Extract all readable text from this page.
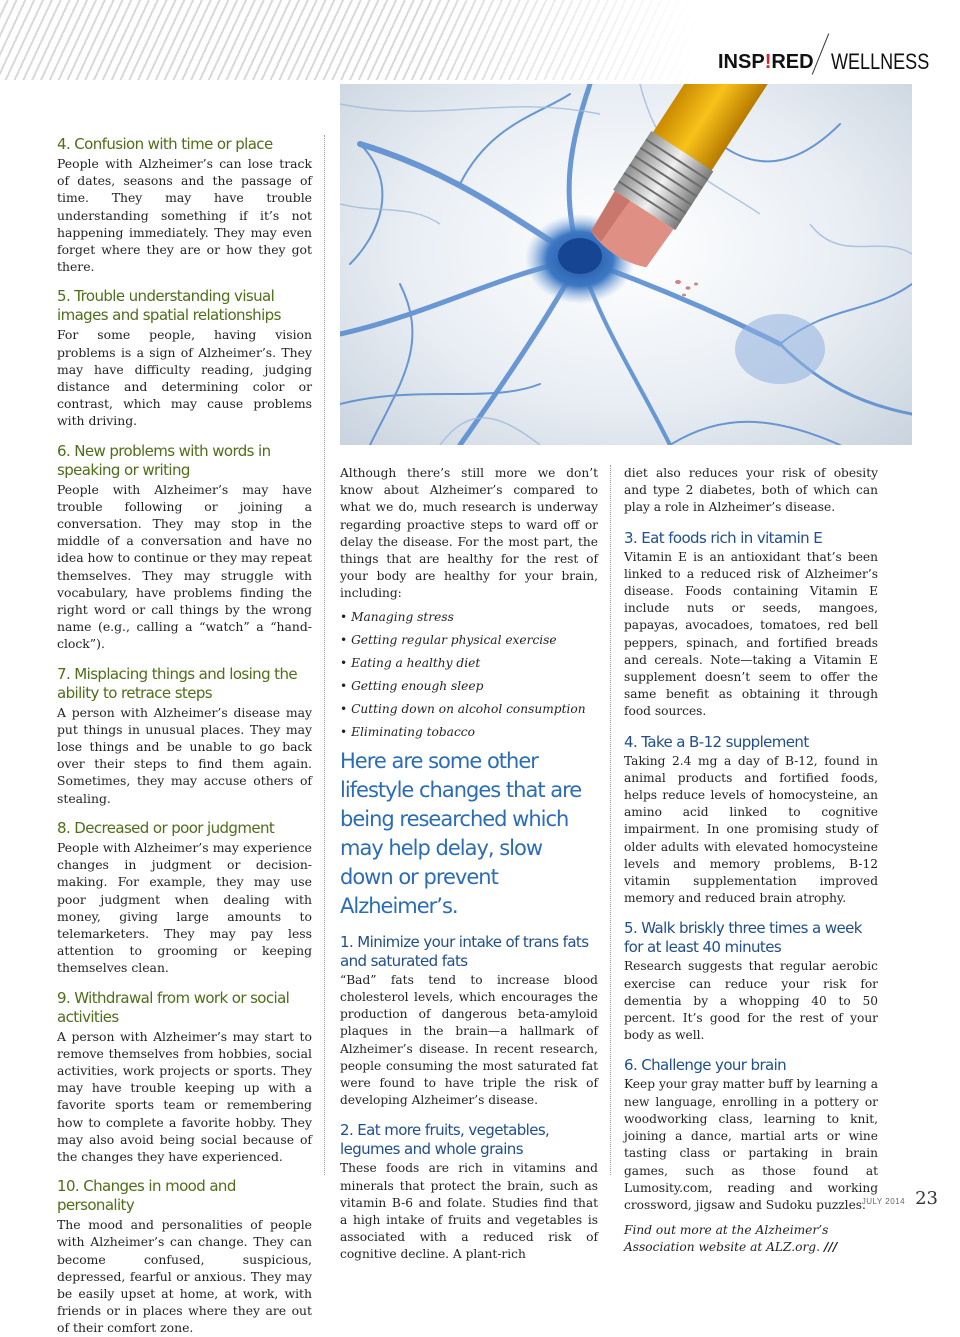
INSP!RED WELLNESS
4. Confusion with time or place

People with Alzheimer’s can lose track of dates, seasons and the passage of time. They may have trouble understanding something if it’s not happening immediately. They may even forget where they are or how they got there.

5. Trouble understanding visual images and spatial relationships

For some people, having vision problems is a sign of Alzheimer’s. They may have difficulty reading, judging distance and determining color or contrast, which may cause problems with driving.

6. New problems with words in speaking or writing

People with Alzheimer’s may have trouble following or joining a conversation. They may stop in the middle of a conversation and have no idea how to continue or they may repeat themselves. They may struggle with vocabulary, have problems finding the right word or call things by the wrong name (e.g., calling a “watch” a “hand-clock”).

7. Misplacing things and losing the ability to retrace steps

A person with Alzheimer’s disease may put things in unusual places. They may lose things and be unable to go back over their steps to find them again. Sometimes, they may accuse others of stealing.

8. Decreased or poor judgment

People with Alzheimer’s may experience changes in judgment or decision-making. For example, they may use poor judgment when dealing with money, giving large amounts to telemarketers. They may pay less attention to grooming or keeping themselves clean.

9. Withdrawal from work or social activities

A person with Alzheimer’s may start to remove themselves from hobbies, social activities, work projects or sports. They may have trouble keeping up with a favorite sports team or remembering how to complete a favorite hobby. They may also avoid being social because of the changes they have experienced.

10. Changes in mood and personality

The mood and personalities of people with Alzheimer’s can change. They can become confused, suspicious, depressed, fearful or anxious. They may be easily upset at home, at work, with friends or in places where they are out of their comfort zone.

Although there’s still more we don’t know about Alzheimer’s compared to what we do, much research is underway regarding proactive steps to ward off or delay the disease. For the most part, the things that are healthy for the rest of your body are healthy for your brain, including:

• Managing stress
• Getting regular physical exercise
• Eating a healthy diet
• Getting enough sleep
• Cutting down on alcohol consumption
• Eliminating tobacco
Here are some other lifestyle changes that are being researched which may help delay, slow down or prevent Alzheimer’s.
1. Minimize your intake of trans fats and saturated fats

“Bad” fats tend to increase blood cholesterol levels, which encourages the production of dangerous beta-amyloid plaques in the brain—a hallmark of Alzheimer’s disease. In recent research, people consuming the most saturated fat were found to have triple the risk of developing Alzheimer’s disease.

2. Eat more fruits, vegetables, legumes and whole grains

These foods are rich in vitamins and minerals that protect the brain, such as vitamin B-6 and folate. Studies find that a high intake of fruits and vegetables is associated with a reduced risk of cognitive decline. A plant-rich

diet also reduces your risk of obesity and type 2 diabetes, both of which can play a role in Alzheimer’s disease.

3. Eat foods rich in vitamin E

Vitamin E is an antioxidant that’s been linked to a reduced risk of Alzheimer’s disease. Foods containing Vitamin E include nuts or seeds, mangoes, papayas, avocadoes, tomatoes, red bell peppers, spinach, and fortified breads and cereals. Note—taking a Vitamin E supplement doesn’t seem to offer the same benefit as obtaining it through food sources.

4. Take a B-12 supplement

Taking 2.4 mg a day of B-12, found in animal products and fortified foods, helps reduce levels of homocysteine, an amino acid linked to cognitive impairment. In one promising study of older adults with elevated homocysteine levels and memory problems, B-12 vitamin supplementation improved memory and reduced brain atrophy.

5. Walk briskly three times a week for at least 40 minutes

Research suggests that regular aerobic exercise can reduce your risk for dementia by a whopping 40 to 50 percent. It’s good for the rest of your body as well.

6. Challenge your brain

Keep your gray matter buff by learning a new language, enrolling in a pottery or woodworking class, learning to knit, joining a dance, martial arts or wine tasting class or partaking in brain games, such as those found at Lumosity.com, reading and working crossword, jigsaw and Sudoku puzzles.

Find out more at the Alzheimer’s Association website at ALZ.org. ///

JULY 2014 23
